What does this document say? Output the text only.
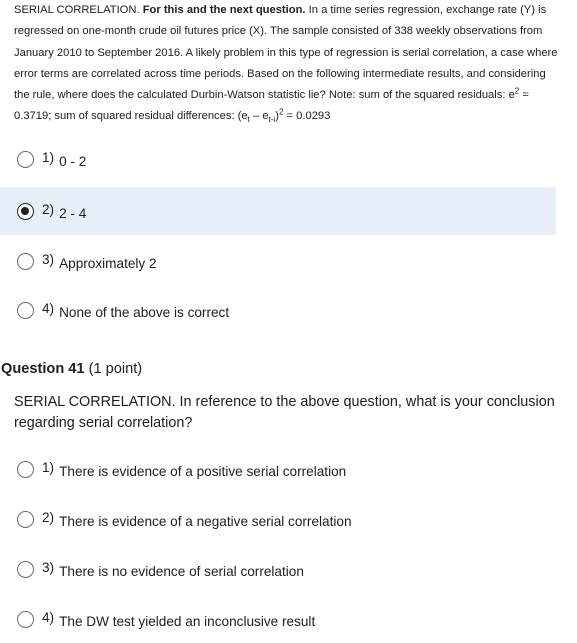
SERIAL CORRELATION. For this and the next question. In a time series regression, exchange rate (Y) is regressed on one-month crude oil futures price (X). The sample consisted of 338 weekly observations from January 2010 to September 2016. A likely problem in this type of regression is serial correlation, a case where error terms are correlated across time periods. Based on the following intermediate results, and considering the rule, where does the calculated Durbin-Watson statistic lie? Note: sum of the squared residuals: $e^2 = 0.3719$; sum of squared residual differences: $(e_t - e_{t-i})^2 = 0.0293$
1) 0 - 2
2) 2 - 4
3) Approximately 2
4) None of the above is correct
Question 41 (1 point)
SERIAL CORRELATION. In reference to the above question, what is your conclusion regarding serial correlation?
1) There is evidence of a positive serial correlation
2) There is evidence of a negative serial correlation
3) There is no evidence of serial correlation
4) The DW test yielded an inconclusive result
